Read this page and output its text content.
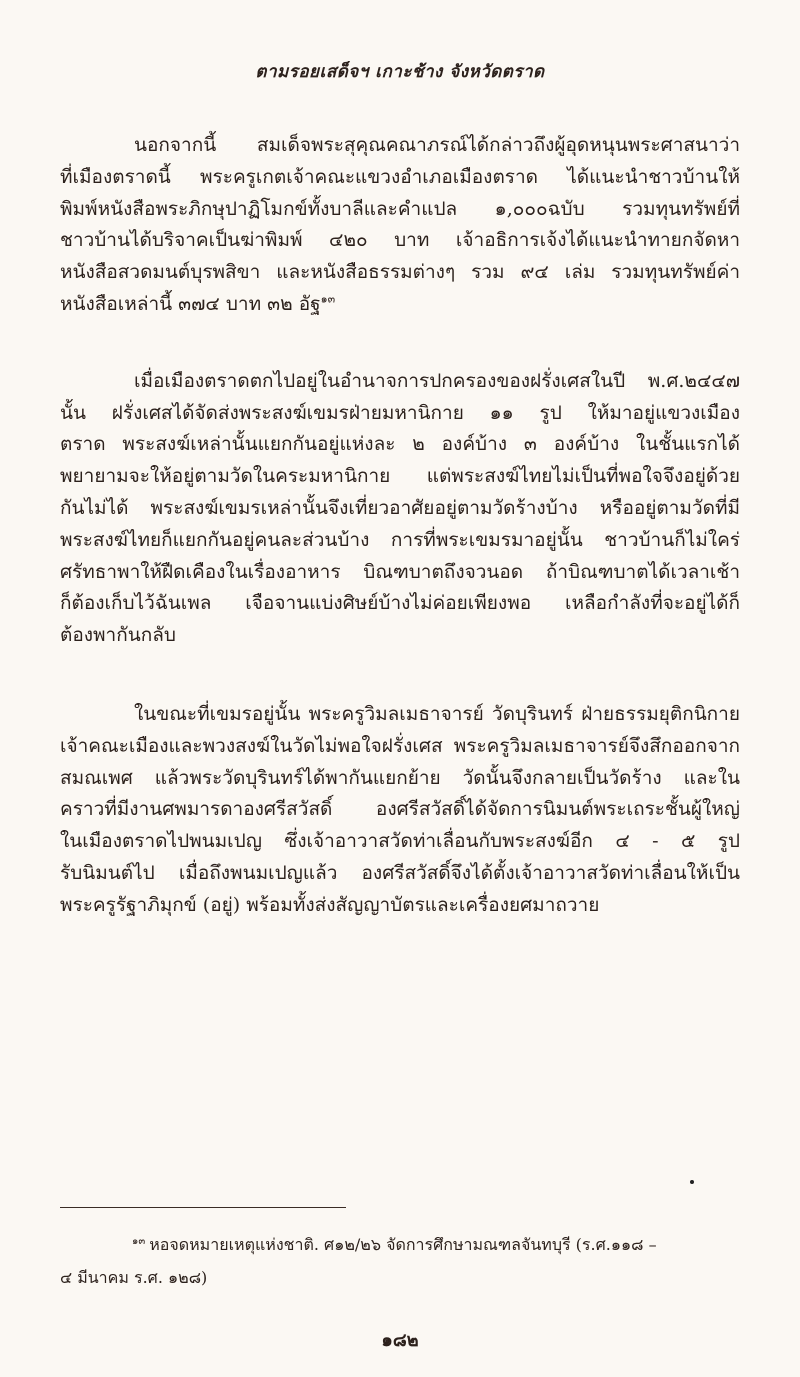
ตามรอยเสด็จฯ เกาะช้าง จังหวัดตราด

นอกจากนี้ สมเด็จพระสุคุณคณาภรณ์ได้กล่าวถึงผู้อุดหนุนพระศาสนาว่า
ที่เมืองตราดนี้ พระครูเกตเจ้าคณะแขวงอำเภอเมืองตราด ได้แนะนำชาวบ้านให้
พิมพ์หนังสือพระภิกษุปาฏิโมกข์ทั้งบาลีและคำแปล ๑,๐๐๐ฉบับ รวมทุนทรัพย์ที่
ชาวบ้านได้บริจาคเป็นฆ่าพิมพ์ ๔๒๐ บาท เจ้าอธิการเจ้งได้แนะนำทายกจัดหา
หนังสือสวดมนต์บุรพสิขา และหนังสือธรรมต่างๆ รวม ๙๔ เล่ม รวมทุนทรัพย์ค่า
หนังสือเหล่านี้ ๓๗๔ บาท ๓๒ อัฐ$^{๑๓}$

เมื่อเมืองตราดตกไปอยู่ในอำนาจการปกครองของฝรั่งเศสในปี พ.ศ.๒๔๔๗
นั้น ฝรั่งเศสได้จัดส่งพระสงฆ์เขมรฝ่ายมหานิกาย ๑๑ รูป ให้มาอยู่แขวงเมือง
ตราด พระสงฆ์เหล่านั้นแยกกันอยู่แห่งละ ๒ องค์บ้าง ๓ องค์บ้าง ในชั้นแรกได้
พยายามจะให้อยู่ตามวัดในคระมหานิกาย แต่พระสงฆ์ไทยไม่เป็นที่พอใจจึงอยู่ด้วย
กันไม่ได้ พระสงฆ์เขมรเหล่านั้นจึงเที่ยวอาศัยอยู่ตามวัดร้างบ้าง หรืออยู่ตามวัดที่มี
พระสงฆ์ไทยก็แยกกันอยู่คนละส่วนบ้าง การที่พระเขมรมาอยู่นั้น ชาวบ้านก็ไม่ใคร่
ศรัทธาพาให้ฝืดเคืองในเรื่องอาหาร บิณฑบาตถึงจวนอด ถ้าบิณฑบาตได้เวลาเช้า
ก็ต้องเก็บไว้ฉันเพล เจือจานแบ่งศิษย์บ้างไม่ค่อยเพียงพอ เหลือกำลังที่จะอยู่ได้ก็
ต้องพากันกลับ

ในขณะที่เขมรอยู่นั้น พระครูวิมลเมธาจารย์ วัดบุรินทร์ ฝ่ายธรรมยุติกนิกาย
เจ้าคณะเมืองและพวงสงฆ์ในวัดไม่พอใจฝรั่งเศส พระครูวิมลเมธาจารย์จึงสึกออกจาก
สมณเพศ แล้วพระวัดบุรินทร์ได้พากันแยกย้าย วัดนั้นจึงกลายเป็นวัดร้าง และใน
คราวที่มีงานศพมารดาองศรีสวัสดิ์ องศรีสวัสดิ์ได้จัดการนิมนต์พระเถระชั้นผู้ใหญ่
ในเมืองตราดไปพนมเปญ ซึ่งเจ้าอาวาสวัดท่าเลื่อนกับพระสงฆ์อีก ๔ - ๕ รูป
รับนิมนต์ไป เมื่อถึงพนมเปญแล้ว องศรีสวัสดิ์จึงได้ตั้งเจ้าอาวาสวัดท่าเลื่อนให้เป็น
พระครูรัฐาภิมุกข์ (อยู่) พร้อมทั้งส่งสัญญาบัตรและเครื่องยศมาถวาย

$^{๑๓}$ หอจดหมายเหตุแห่งชาติ. ศ๑๒/๒๖ จัดการศึกษามณฑลจันทบุรี (ร.ศ.๑๑๘ –
๔ มีนาคม ร.ศ. ๑๒๘)
๑๘๒
